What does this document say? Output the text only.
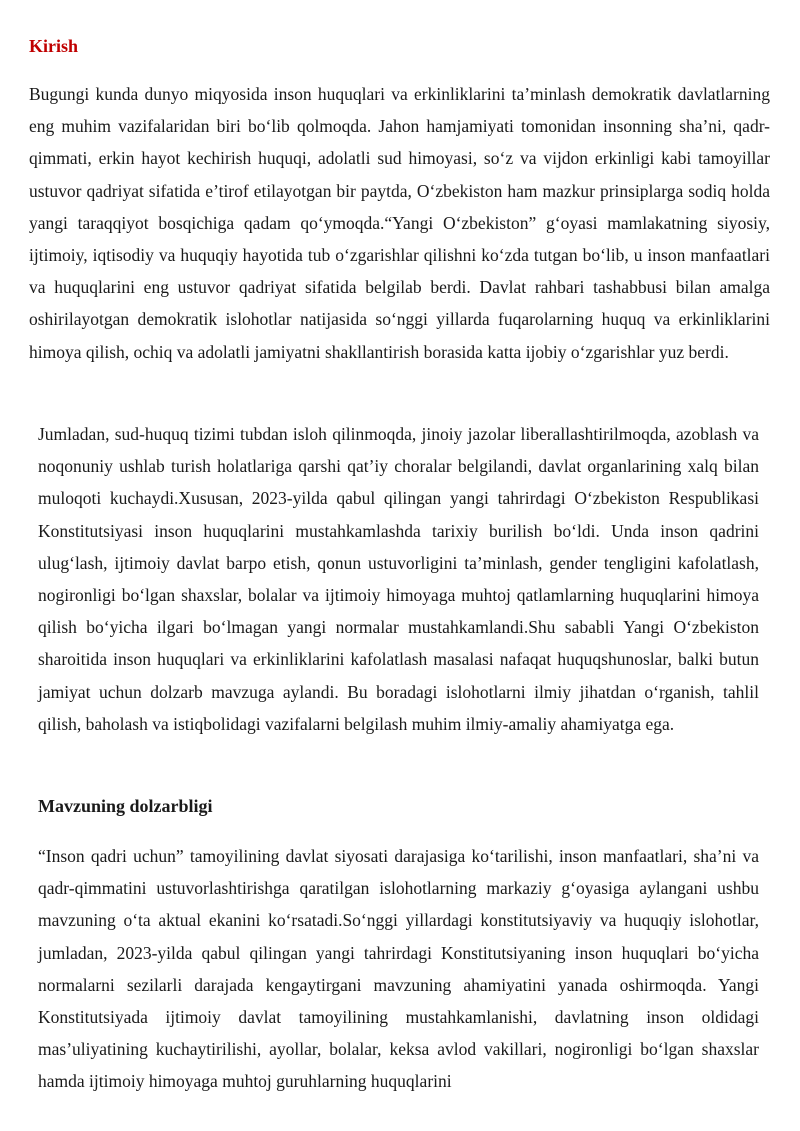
Kirish

Bugungi kunda dunyo miqyosida inson huquqlari va erkinliklarini ta’minlash demokratik davlatlarning eng muhim vazifalaridan biri bo‘lib qolmoqda. Jahon hamjamiyati tomonidan insonning sha’ni, qadr-qimmati, erkin hayot kechirish huquqi, adolatli sud himoyasi, so‘z va vijdon erkinligi kabi tamoyillar ustuvor qadriyat sifatida e’tirof etilayotgan bir paytda, O‘zbekiston ham mazkur prinsiplarga sodiq holda yangi taraqqiyot bosqichiga qadam qo‘ymoqda.“Yangi O‘zbekiston” g‘oyasi mamlakatning siyosiy, ijtimoiy, iqtisodiy va huquqiy hayotida tub o‘zgarishlar qilishni ko‘zda tutgan bo‘lib, u inson manfaatlari va huquqlarini eng ustuvor qadriyat sifatida belgilab berdi. Davlat rahbari tashabbusi bilan amalga oshirilayotgan demokratik islohotlar natijasida so‘nggi yillarda fuqarolarning huquq va erkinliklarini himoya qilish, ochiq va adolatli jamiyatni shakllantirish borasida katta ijobiy o‘zgarishlar yuz berdi.

Jumladan, sud-huquq tizimi tubdan isloh qilinmoqda, jinoiy jazolar liberallashtirilmoqda, azoblash va noqonuniy ushlab turish holatlariga qarshi qat’iy choralar belgilandi, davlat organlarining xalq bilan muloqoti kuchaydi.Xususan, 2023-yilda qabul qilingan yangi tahrirdagi O‘zbekiston Respublikasi Konstitutsiyasi inson huquqlarini mustahkamlashda tarixiy burilish bo‘ldi. Unda inson qadrini ulug‘lash, ijtimoiy davlat barpo etish, qonun ustuvorligini ta’minlash, gender tengligini kafolatlash, nogironligi bo‘lgan shaxslar, bolalar va ijtimoiy himoyaga muhtoj qatlamlarning huquqlarini himoya qilish bo‘yicha ilgari bo‘lmagan yangi normalar mustahkamlandi.Shu sababli Yangi O‘zbekiston sharoitida inson huquqlari va erkinliklarini kafolatlash masalasi nafaqat huquqshunoslar, balki butun jamiyat uchun dolzarb mavzuga aylandi. Bu boradagi islohotlarni ilmiy jihatdan o‘rganish, tahlil qilish, baholash va istiqbolidagi vazifalarni belgilash muhim ilmiy-amaliy ahamiyatga ega.

Mavzuning dolzarbligi

“Inson qadri uchun” tamoyilining davlat siyosati darajasiga ko‘tarilishi, inson manfaatlari, sha’ni va qadr-qimmatini ustuvorlashtirishga qaratilgan islohotlarning markaziy g‘oyasiga aylangani ushbu mavzuning o‘ta aktual ekanini ko‘rsatadi.So‘nggi yillardagi konstitutsiyaviy va huquqiy islohotlar, jumladan, 2023-yilda qabul qilingan yangi tahrirdagi Konstitutsiyaning inson huquqlari bo‘yicha normalarni sezilarli darajada kengaytirgani mavzuning ahamiyatini yanada oshirmoqda. Yangi Konstitutsiyada ijtimoiy davlat tamoyilining mustahkamlanishi, davlatning inson oldidagi mas’uliyatining kuchaytirilishi, ayollar, bolalar, keksa avlod vakillari, nogironligi bo‘lgan shaxslar hamda ijtimoiy himoyaga muhtoj guruhlarning huquqlarini
